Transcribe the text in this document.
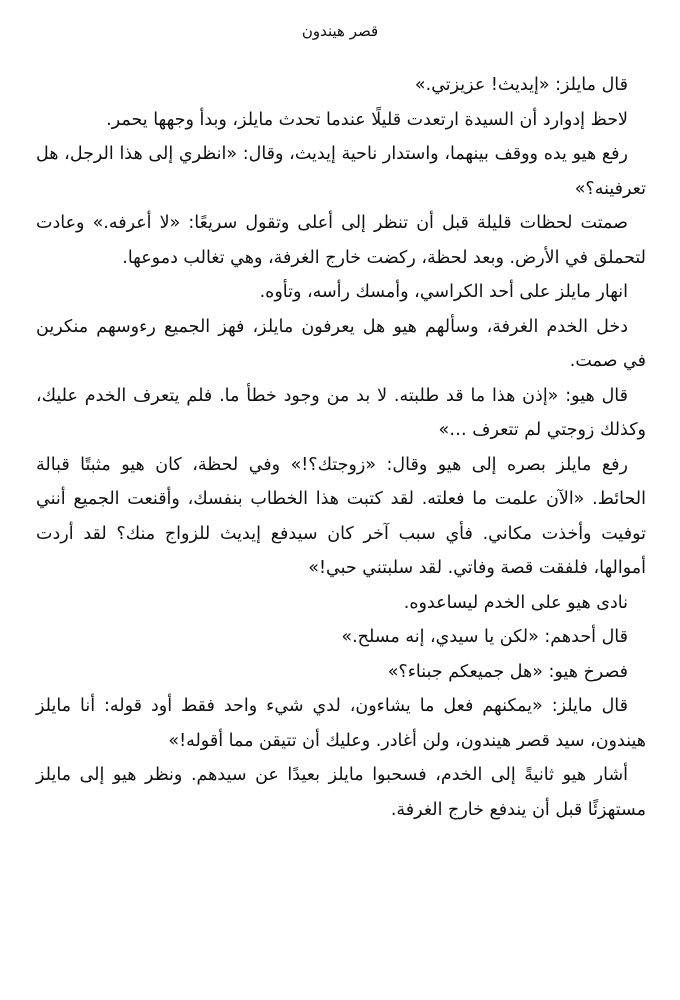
قصر هيندون

قال مايلز: «إيديث! عزيزتي.»

لاحظ إدوارد أن السيدة ارتعدت قليلًا عندما تحدث مايلز، وبدأ وجهها يحمر.

رفع هيو يده ووقف بينهما، واستدار ناحية إيديث، وقال: «انظري إلى هذا الرجل، هل تعرفينه؟»

صمتت لحظات قليلة قبل أن تنظر إلى أعلى وتقول سريعًا: «لا أعرفه.» وعادت لتحملق في الأرض. وبعد لحظة، ركضت خارج الغرفة، وهي تغالب دموعها.

انهار مايلز على أحد الكراسي، وأمسك رأسه، وتأوه.

دخل الخدم الغرفة، وسألهم هيو هل يعرفون مايلز، فهز الجميع رءوسهم منكرين في صمت.

قال هيو: «إذن هذا ما قد طلبته. لا بد من وجود خطأ ما. فلم يتعرف الخدم عليك، وكذلك زوجتي لم تتعرف …»

رفع مايلز بصره إلى هيو وقال: «زوجتك؟!» وفي لحظة، كان هيو مثبتًا قبالة الحائط. «الآن علمت ما فعلته. لقد كتبت هذا الخطاب بنفسك، وأقنعت الجميع أنني توفيت وأخذت مكاني. فأي سبب آخر كان سيدفع إيديث للزواج منك؟ لقد أردت أموالها، فلفقت قصة وفاتي. لقد سلبتني حبي!»

نادى هيو على الخدم ليساعدوه.

قال أحدهم: «لكن يا سيدي، إنه مسلح.»

فصرخ هيو: «هل جميعكم جبناء؟»

قال مايلز: «يمكنهم فعل ما يشاءون، لدي شيء واحد فقط أود قوله: أنا مايلز هيندون، سيد قصر هيندون، ولن أغادر. وعليك أن تتيقن مما أقوله!»

أشار هيو ثانيةً إلى الخدم، فسحبوا مايلز بعيدًا عن سيدهم. ونظر هيو إلى مايلز مستهزئًا قبل أن يندفع خارج الغرفة.
